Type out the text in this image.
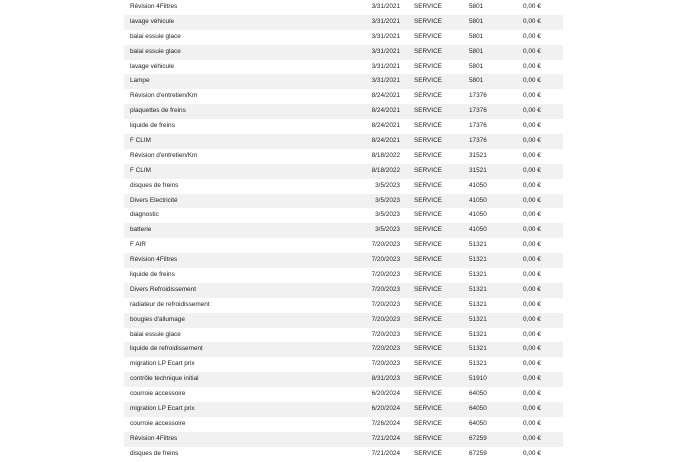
Révision 4Filtres	3/31/2021 SERVICE	5801	0,00 €
lavage véhicule	3/31/2021 SERVICE	5801	0,00 €
balai essuie glace	3/31/2021 SERVICE	5801	0,00 €
balai essuie glace	3/31/2021 SERVICE	5801	0,00 €
lavage véhicule	3/31/2021 SERVICE	5801	0,00 €
Lampe	3/31/2021 SERVICE	5801	0,00 €
Révision d'entretien/Km	8/24/2021 SERVICE	17376	0,00 €
plaquettes de freins	8/24/2021 SERVICE	17376	0,00 €
liquide de freins	8/24/2021 SERVICE	17376	0,00 €
F CLIM	8/24/2021 SERVICE	17376	0,00 €
Révision d'entretien/Km	8/18/2022 SERVICE	31521	0,00 €
F CLIM	8/18/2022 SERVICE	31521	0,00 €
disques de freins	3/5/2023 SERVICE	41050	0,00 €
Divers Electricité	3/5/2023 SERVICE	41050	0,00 €
diagnostic	3/5/2023 SERVICE	41050	0,00 €
batterie	3/5/2023 SERVICE	41050	0,00 €
F AIR	7/20/2023 SERVICE	51321	0,00 €
Révision 4Filtres	7/20/2023 SERVICE	51321	0,00 €
liquide de freins	7/20/2023 SERVICE	51321	0,00 €
Divers Refroidissement	7/20/2023 SERVICE	51321	0,00 €
radiateur de refroidissement	7/20/2023 SERVICE	51321	0,00 €
bougies d'allumage	7/20/2023 SERVICE	51321	0,00 €
balai essuie glace	7/20/2023 SERVICE	51321	0,00 €
liquide de refroidissement	7/20/2023 SERVICE	51321	0,00 €
migration LP Ecart prix	7/20/2023 SERVICE	51321	0,00 €
contrôle technique initial	8/31/2023 SERVICE	51910	0,00 €
courroie accessoire	6/20/2024 SERVICE	64050	0,00 €
migration LP Ecart prix	6/20/2024 SERVICE	64050	0,00 €
courroie accessoire	7/26/2024 SERVICE	64050	0,00 €
Révision 4Filtres	7/21/2024 SERVICE	67259	0,00 €
disques de freins	7/21/2024 SERVICE	67259	0,00 €
